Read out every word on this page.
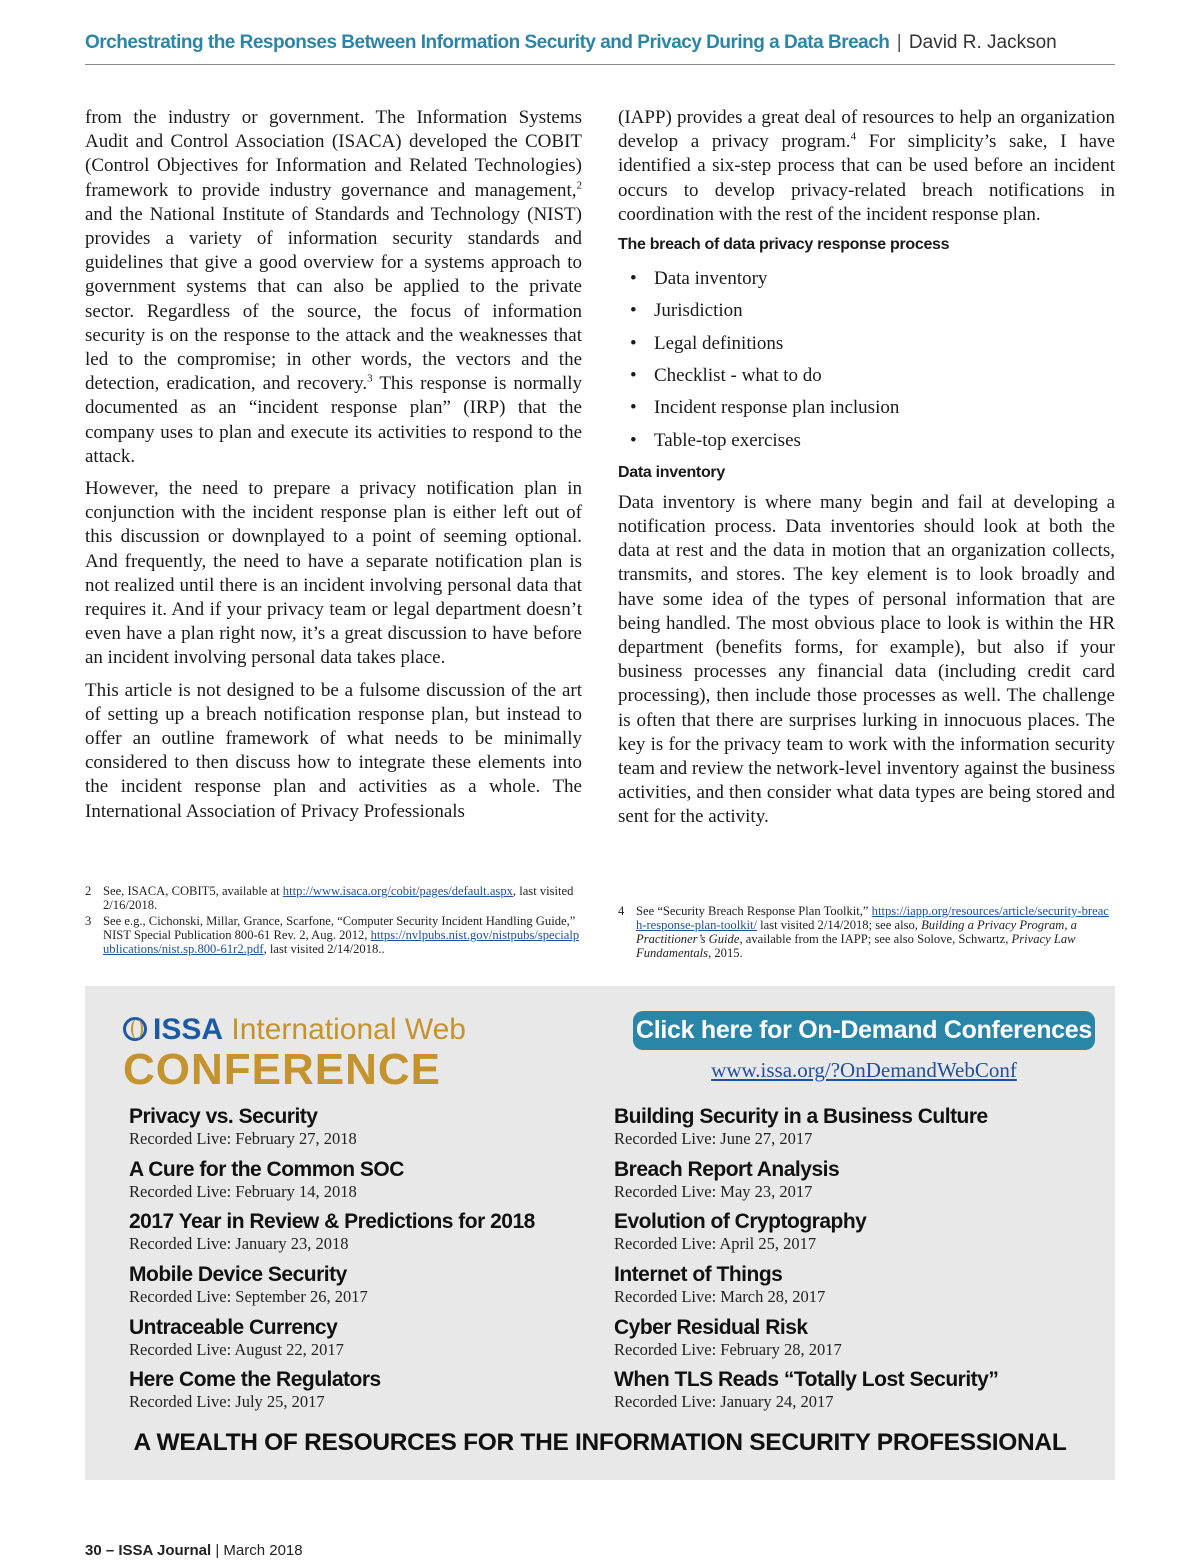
Orchestrating the Responses Between Information Security and Privacy During a Data Breach | David R. Jackson

from the industry or government. The Information Systems Audit and Control Association (ISACA) developed the COBIT (Control Objectives for Information and Related Technologies) framework to provide industry governance and management,$^2$ and the National Institute of Standards and Technology (NIST) provides a variety of information security standards and guidelines that give a good overview for a systems approach to government systems that can also be applied to the private sector. Regardless of the source, the focus of information security is on the response to the attack and the weaknesses that led to the compromise; in other words, the vectors and the detection, eradication, and recovery.$^3$ This response is normally documented as an “incident response plan” (IRP) that the company uses to plan and execute its activities to respond to the attack.

However, the need to prepare a privacy notification plan in conjunction with the incident response plan is either left out of this discussion or downplayed to a point of seeming optional. And frequently, the need to have a separate notification plan is not realized until there is an incident involving personal data that requires it. And if your privacy team or legal department doesn’t even have a plan right now, it’s a great discussion to have before an incident involving personal data takes place.

This article is not designed to be a fulsome discussion of the art of setting up a breach notification response plan, but instead to offer an outline framework of what needs to be minimally considered to then discuss how to integrate these elements into the incident response plan and activities as a whole. The International Association of Privacy Professionals

(IAPP) provides a great deal of resources to help an organization develop a privacy program.$^4$ For simplicity’s sake, I have identified a six-step process that can be used before an incident occurs to develop privacy-related breach notifications in coordination with the rest of the incident response plan.

The breach of data privacy response process
• Data inventory
• Jurisdiction
• Legal definitions
• Checklist - what to do
• Incident response plan inclusion
• Table-top exercises
Data inventory

Data inventory is where many begin and fail at developing a notification process. Data inventories should look at both the data at rest and the data in motion that an organization collects, transmits, and stores. The key element is to look broadly and have some idea of the types of personal information that are being handled. The most obvious place to look is within the HR department (benefits forms, for example), but also if your business processes any financial data (including credit card processing), then include those processes as well. The challenge is often that there are surprises lurking in innocuous places. The key is for the privacy team to work with the information security team and review the network-level inventory against the business activities, and then consider what data types are being stored and sent for the activity.

2 See, ISACA, COBIT5, available at http://www.isaca.org/cobit/pages/default.aspx, last visited 2/16/2018.
3 See e.g., Cichonski, Millar, Grance, Scarfone, “Computer Security Incident Handling Guide,” NIST Special Publication 800-61 Rev. 2, Aug. 2012, https://nvlpubs.nist.gov/nistpubs/specialpublications/nist.sp.800-61r2.pdf, last visited 2/14/2018..
4 See “Security Breach Response Plan Toolkit,” https://iapp.org/resources/article/security-breach-response-plan-toolkit/ last visited 2/14/2018; see also, Building a Privacy Program, a Practitioner’s Guide, available from the IAPP; see also Solove, Schwartz, Privacy Law Fundamentals, 2015.
ISSA International Web
CONFERENCE
Click here for On-Demand Conferences
www.issa.org/?OnDemandWebConf
Privacy vs. Security
Recorded Live: February 27, 2018
A Cure for the Common SOC
Recorded Live: February 14, 2018
2017 Year in Review & Predictions for 2018
Recorded Live: January 23, 2018
Mobile Device Security
Recorded Live: September 26, 2017
Untraceable Currency
Recorded Live: August 22, 2017
Here Come the Regulators
Recorded Live: July 25, 2017
Building Security in a Business Culture
Recorded Live: June 27, 2017
Breach Report Analysis
Recorded Live: May 23, 2017
Evolution of Cryptography
Recorded Live: April 25, 2017
Internet of Things
Recorded Live: March 28, 2017
Cyber Residual Risk
Recorded Live: February 28, 2017
When TLS Reads “Totally Lost Security”
Recorded Live: January 24, 2017
A WEALTH OF RESOURCES FOR THE INFORMATION SECURITY PROFESSIONAL
30 – ISSA Journal | March 2018
